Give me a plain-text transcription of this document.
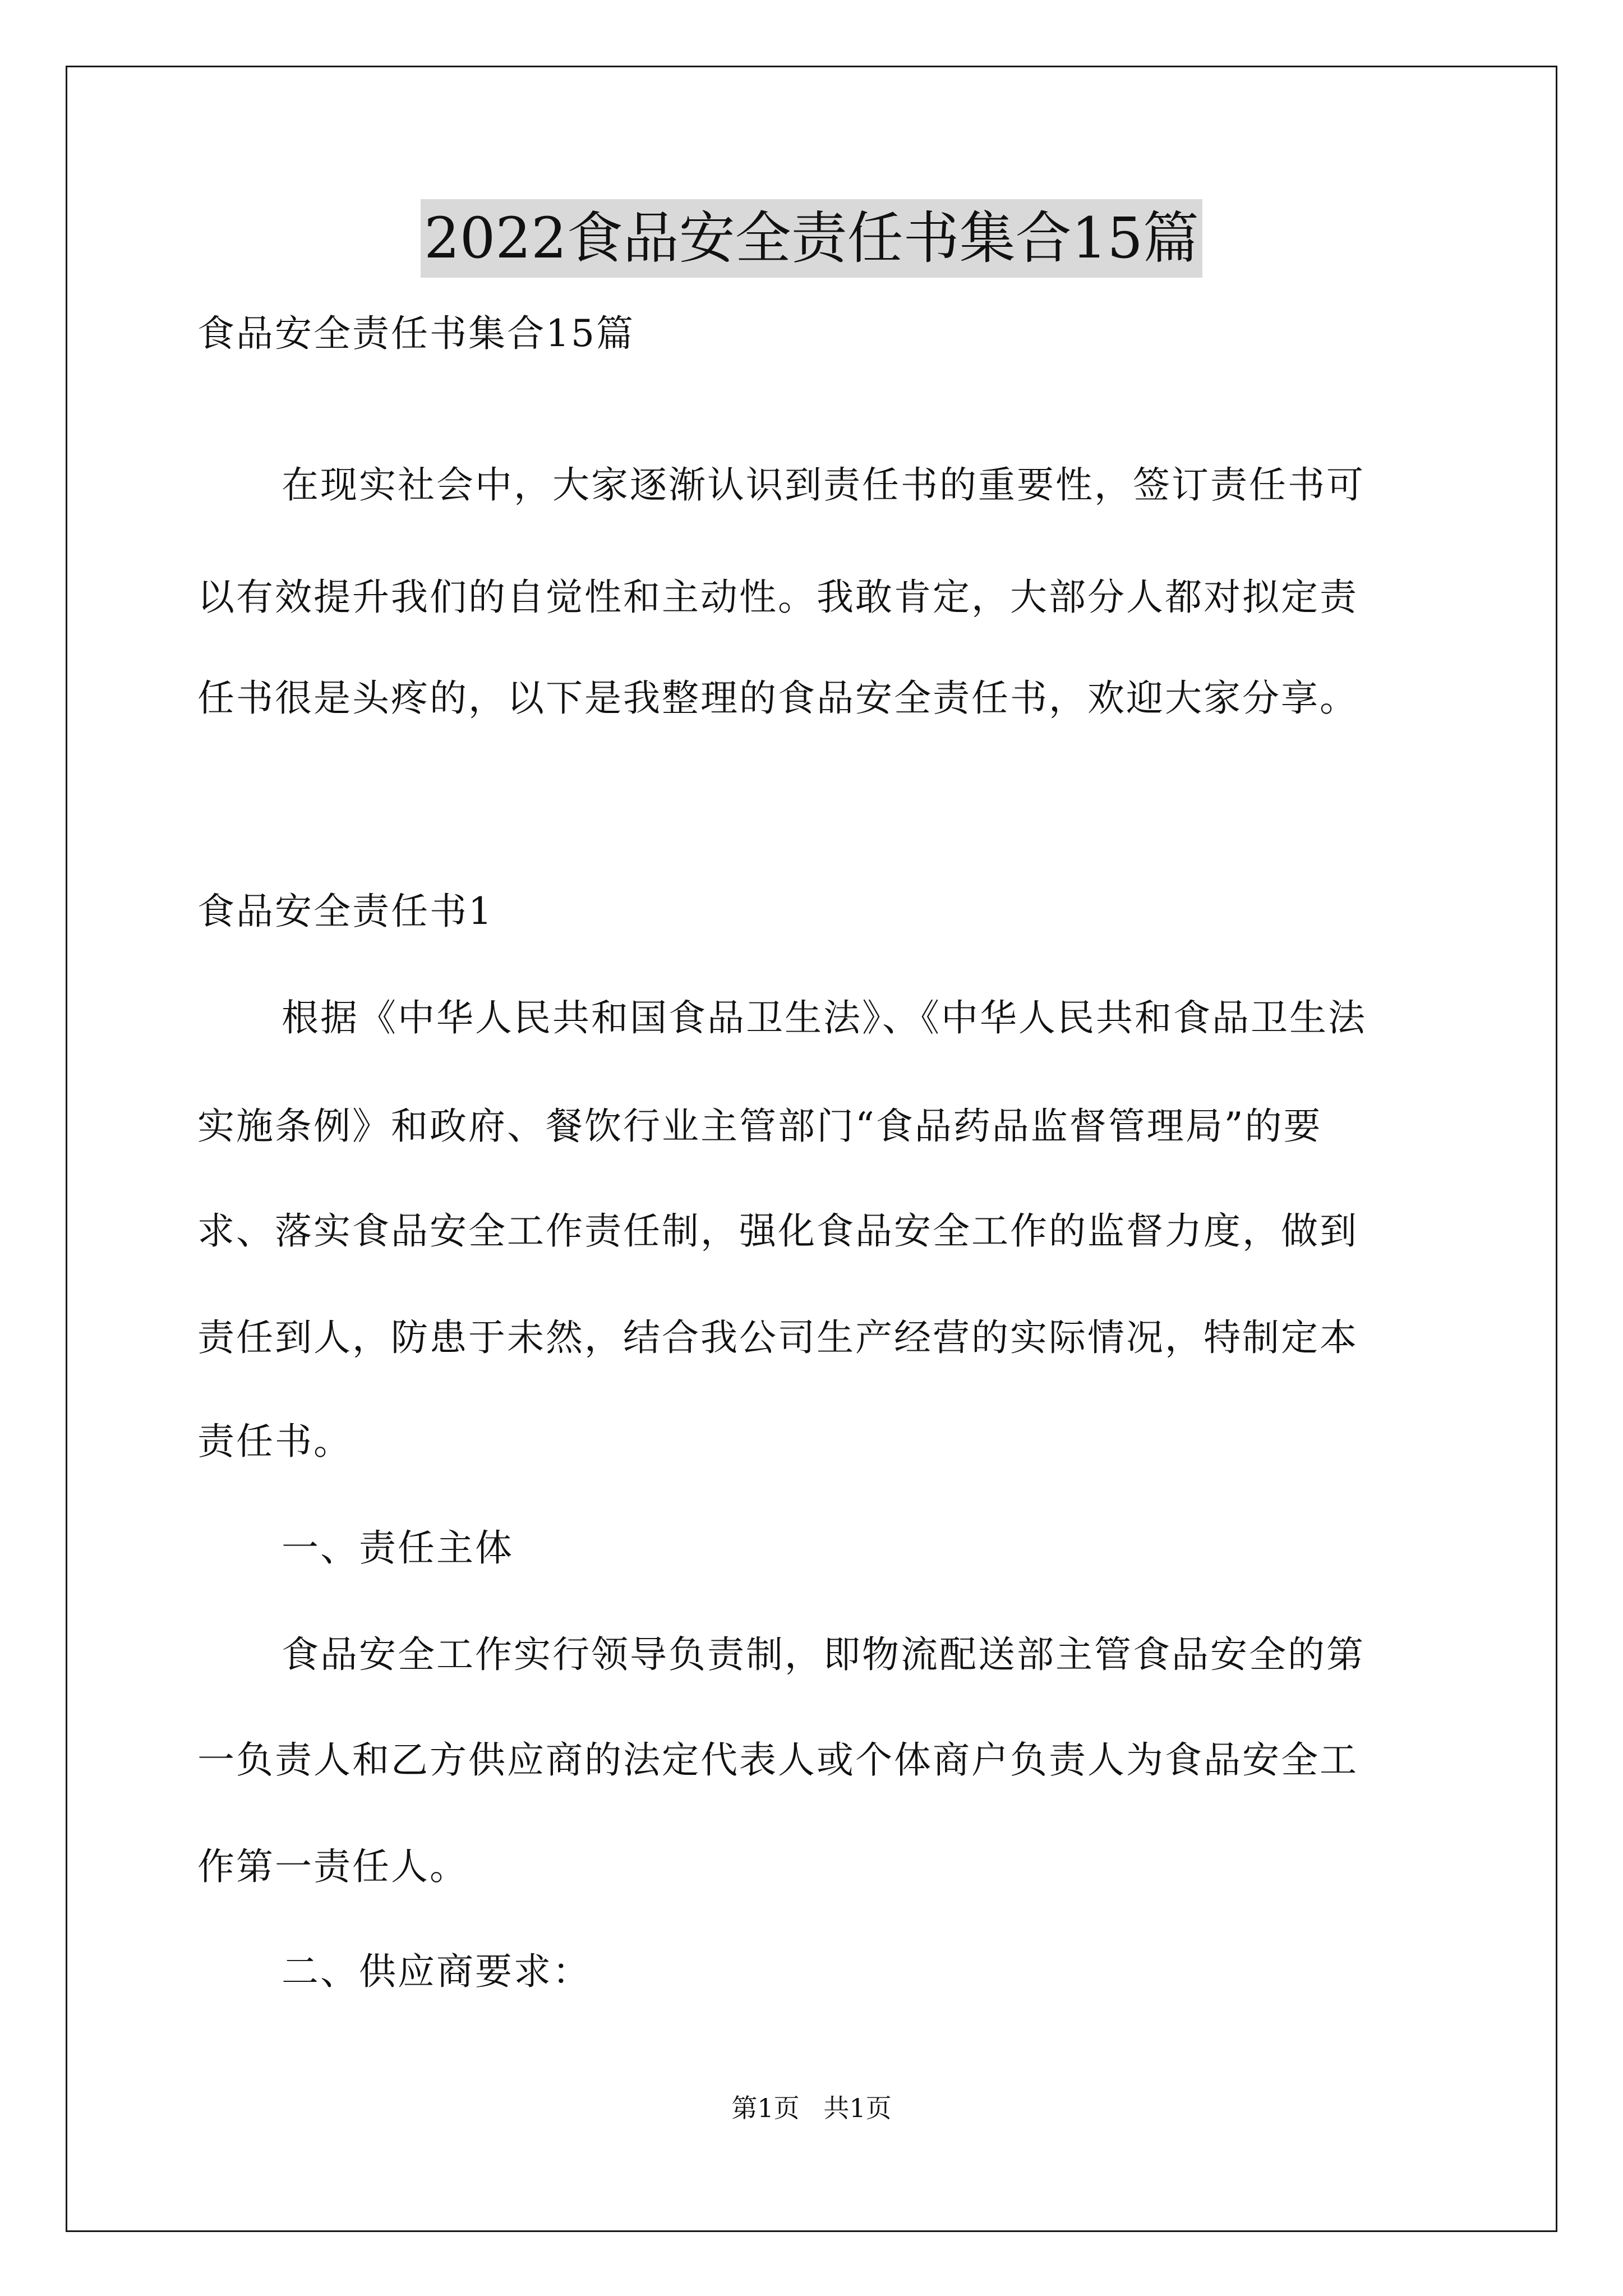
2022食品安全责任书集合15篇
食品安全责任书集合15篇
在现实社会中，大家逐渐认识到责任书的重要性，签订责任书可
以有效提升我们的自觉性和主动性。我敢肯定，大部分人都对拟定责
任书很是头疼的，以下是我整理的食品安全责任书，欢迎大家分享。
食品安全责任书1
根据《中华人民共和国食品卫生法》、《中华人民共和食品卫生法
实施条例》和政府、餐饮行业主管部门“食品药品监督管理局”的要
求、落实食品安全工作责任制，强化食品安全工作的监督力度，做到
责任到人，防患于未然，结合我公司生产经营的实际情况，特制定本
责任书。
一、责任主体
食品安全工作实行领导负责制，即物流配送部主管食品安全的第
一负责人和乙方供应商的法定代表人或个体商户负责人为食品安全工
作第一责任人。
二、供应商要求：
第1页 共1页
